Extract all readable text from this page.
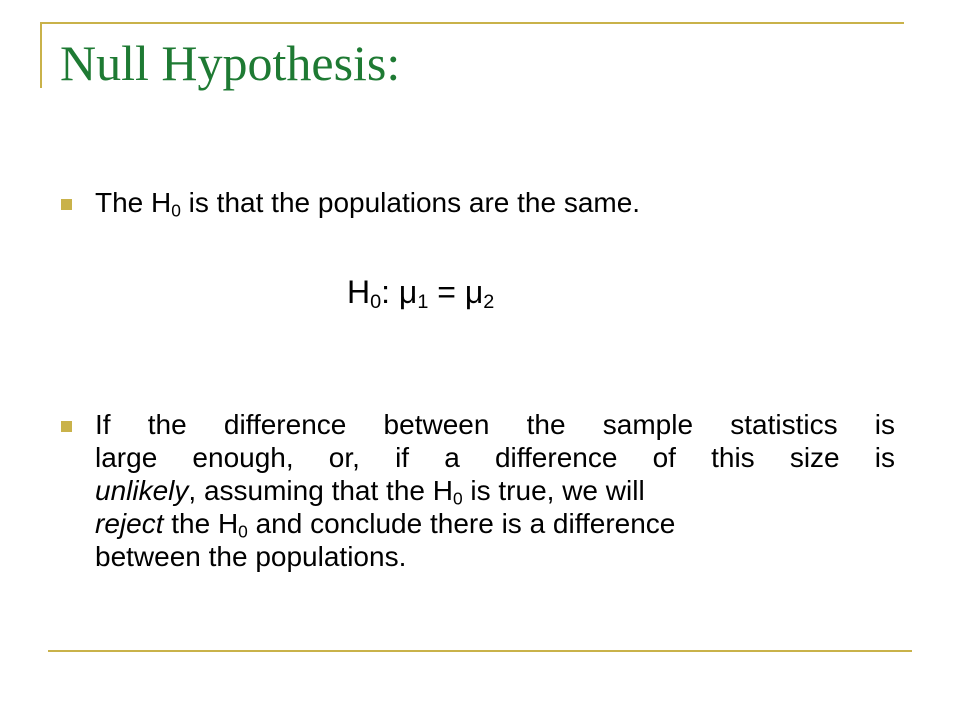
Null Hypothesis:
The $H_0$ is that the populations are the same.
$H_0$: $\mu_1 = \mu_2$
If the difference between the sample statistics is
large enough, or, if a difference of this size is
unlikely, assuming that the $H_0$ is true, we will
reject the $H_0$ and conclude there is a difference
between the populations.
